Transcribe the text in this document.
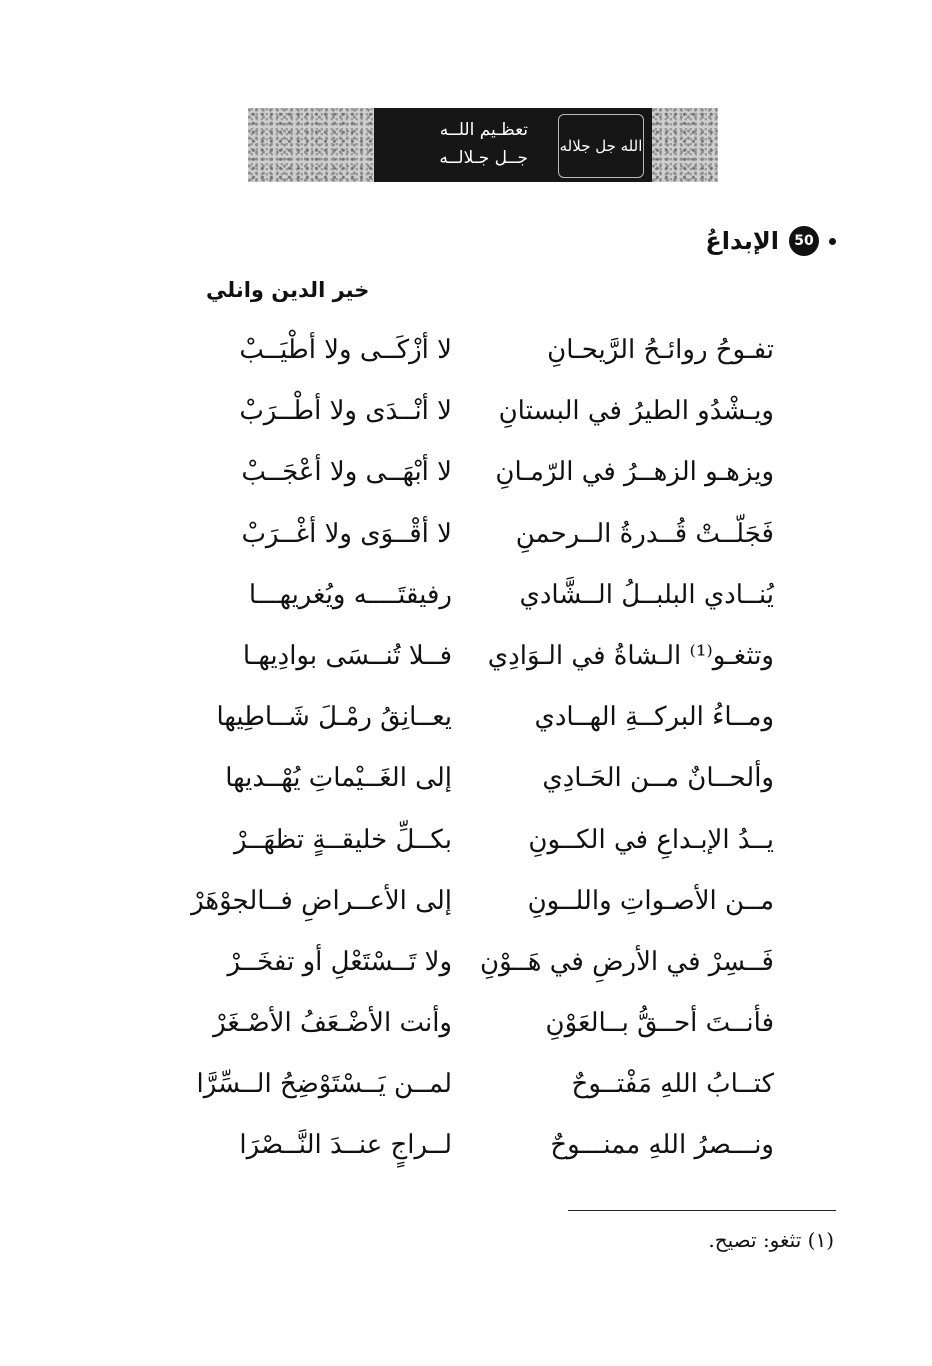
تعظـيم اللــه
جــل جـلالــه
الله جل جلاله
50
الإبداعُ
خير الدين وانلي
تفـوحُ روائـحُ الرَّيحـانِ
لا أزْكَــى ولا أطْيَــبْ
ويـشْدُو الطيرُ في البستانِ
لا أنْــدَى ولا أطْــرَبْ
ويزهـو الزهــرُ في الرّمـانِ
لا أبْهَــى ولا أعْجَــبْ
فَجَلّــتْ قُــدرةُ الــرحمنِ
لا أقْــوَى ولا أغْــرَبْ
يُنــادي البلبــلُ الــشَّادي
رفيقتَــــه ويُغريهـــا
وتثغـو⁽¹⁾ الـشاةُ في الـوَادِي
فــلا تُنــسَى بوادِيهـا
ومــاءُ البركــةِ الهــادي
يعــانِقُ رمْـلَ شَــاطِيها
وألحــانٌ مــن الحَـادِي
إلى الغَــيْماتِ يُهْــديها
يــدُ الإبـداعِ في الكــونِ
بكــلِّ خليقــةٍ تظهَــرْ
مــن الأصـواتِ واللــونِ
إلى الأعــراضِ فــالجوْهَرْ
فَــسِرْ في الأرضِ في هَــوْنِ
ولا تَــسْتَعْلِ أو تفخَــرْ
فأنــتَ أحــقُّ بــالعَوْنِ
وأنت الأضْـعَفُ الأصْـغَرْ
كتــابُ اللهِ مَفْتــوحٌ
لمــن يَــسْتَوْضِحُ الــسِّرَّا
ونـــصرُ اللهِ ممنـــوحٌ
لــراجٍ عنــدَ النَّــصْرَا
(١) تثغو: تصيح.
